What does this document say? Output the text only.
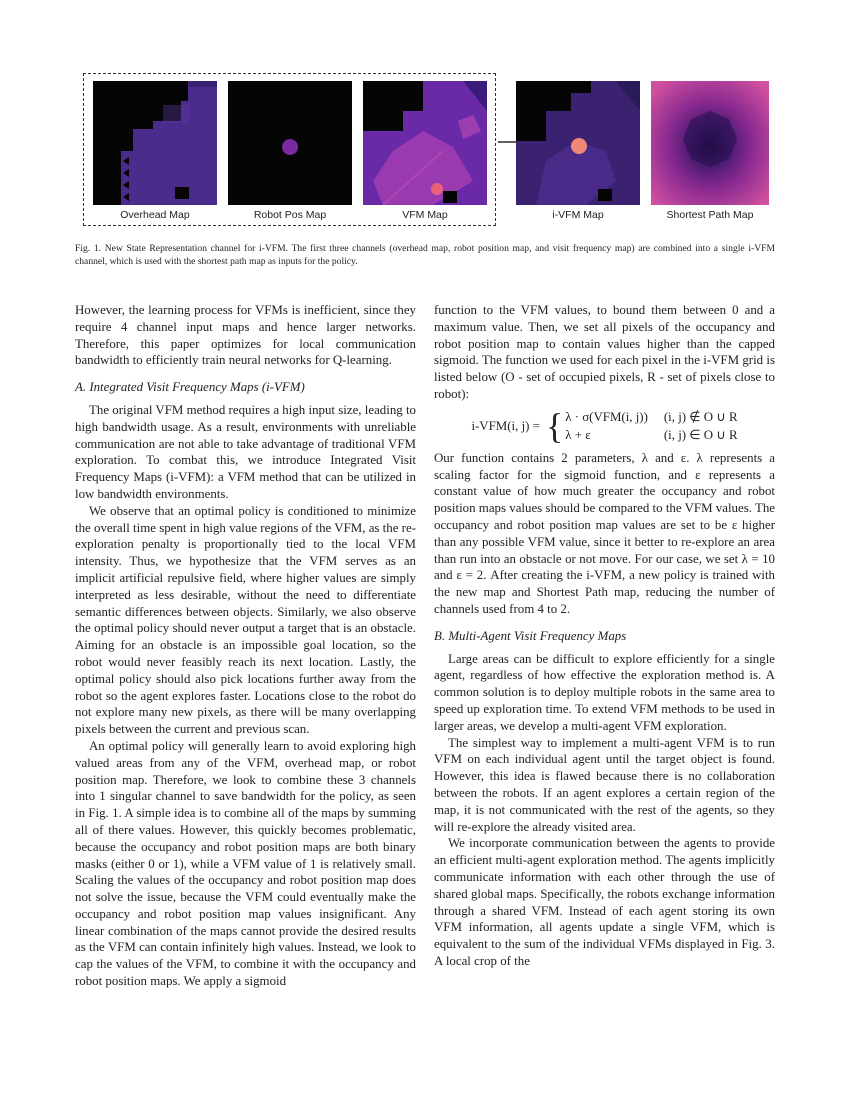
Overhead Map	Robot Pos Map	VFM Map	i-VFM Map	Shortest Path Map
Fig. 1. New State Representation channel for i-VFM. The first three channels (overhead map, robot position map, and visit frequency map) are combined into a single i-VFM channel, which is used with the shortest path map as inputs for the policy.

However, the learning process for VFMs is inefficient, since they require 4 channel input maps and hence larger networks. Therefore, this paper optimizes for local communication bandwidth to efficiently train neural networks for Q-learning.

A. Integrated Visit Frequency Maps (i-VFM)

The original VFM method requires a high input size, leading to high bandwidth usage. As a result, environments with unreliable communication are not able to take advantage of traditional VFM exploration. To combat this, we introduce Integrated Visit Frequency Maps (i-VFM): a VFM method that can be utilized in low bandwidth environments.

We observe that an optimal policy is conditioned to minimize the overall time spent in high value regions of the VFM, as the re-exploration penalty is proportionally tied to the local VFM intensity. Thus, we hypothesize that the VFM serves as an implicit artificial repulsive field, where higher values are simply interpreted as less desirable, without the need to differentiate semantic differences between objects. Similarly, we also observe the optimal policy should never output a target that is an obstacle. Aiming for an obstacle is an impossible goal location, so the robot would never feasibly reach its next location. Lastly, the optimal policy should also pick locations further away from the robot so the agent explores faster. Locations close to the robot do not explore many new pixels, as there will be many overlapping pixels between the current and previous scan.

An optimal policy will generally learn to avoid exploring high valued areas from any of the VFM, overhead map, or robot position map. Therefore, we look to combine these 3 channels into 1 singular channel to save bandwidth for the policy, as seen in Fig. 1. A simple idea is to combine all of the maps by summing all of there values. However, this quickly becomes problematic, because the occupancy and robot position maps are both binary masks (either 0 or 1), while a VFM value of 1 is relatively small. Scaling the values of the occupancy and robot position map does not solve the issue, because the VFM could eventually make the occupancy and robot position map values insignificant. Any linear combination of the maps cannot provide the desired results as the VFM can contain infinitely high values. Instead, we look to cap the values of the VFM, to combine it with the occupancy and robot position maps. We apply a sigmoid

function to the VFM values, to bound them between 0 and a maximum value. Then, we set all pixels of the occupancy and robot position map to contain values higher than the capped sigmoid. The function we used for each pixel in the i-VFM grid is listed below (O - set of occupied pixels, R - set of pixels close to robot):

i-VFM(i, j) = { λ · σ(VFM(i, j)) (i, j) ∉ O ∪ R
λ + ε	(i, j) ∈ O ∪ R

Our function contains 2 parameters, λ and ε. λ represents a scaling factor for the sigmoid function, and ε represents a constant value of how much greater the occupancy and robot position maps values should be compared to the VFM values. The occupancy and robot position map values are set to be ε higher than any possible VFM value, since it better to re-explore an area than run into an obstacle or not move. For our case, we set λ = 10 and ε = 2. After creating the i-VFM, a new policy is trained with the new map and Shortest Path map, reducing the number of channels used from 4 to 2.

B. Multi-Agent Visit Frequency Maps

Large areas can be difficult to explore efficiently for a single agent, regardless of how effective the exploration method is. A common solution is to deploy multiple robots in the same area to speed up exploration time. To extend VFM methods to be used in larger areas, we develop a multi-agent VFM exploration.

The simplest way to implement a multi-agent VFM is to run VFM on each individual agent until the target object is found. However, this idea is flawed because there is no collaboration between the robots. If an agent explores a certain region of the map, it is not communicated with the rest of the agents, so they will re-explore the already visited area.

We incorporate communication between the agents to provide an efficient multi-agent exploration method. The agents implicitly communicate information with each other through the use of shared global maps. Specifically, the robots exchange information through a shared VFM. Instead of each agent storing its own VFM information, all agents update a single VFM, which is equivalent to the sum of the individual VFMs displayed in Fig. 3. A local crop of the
